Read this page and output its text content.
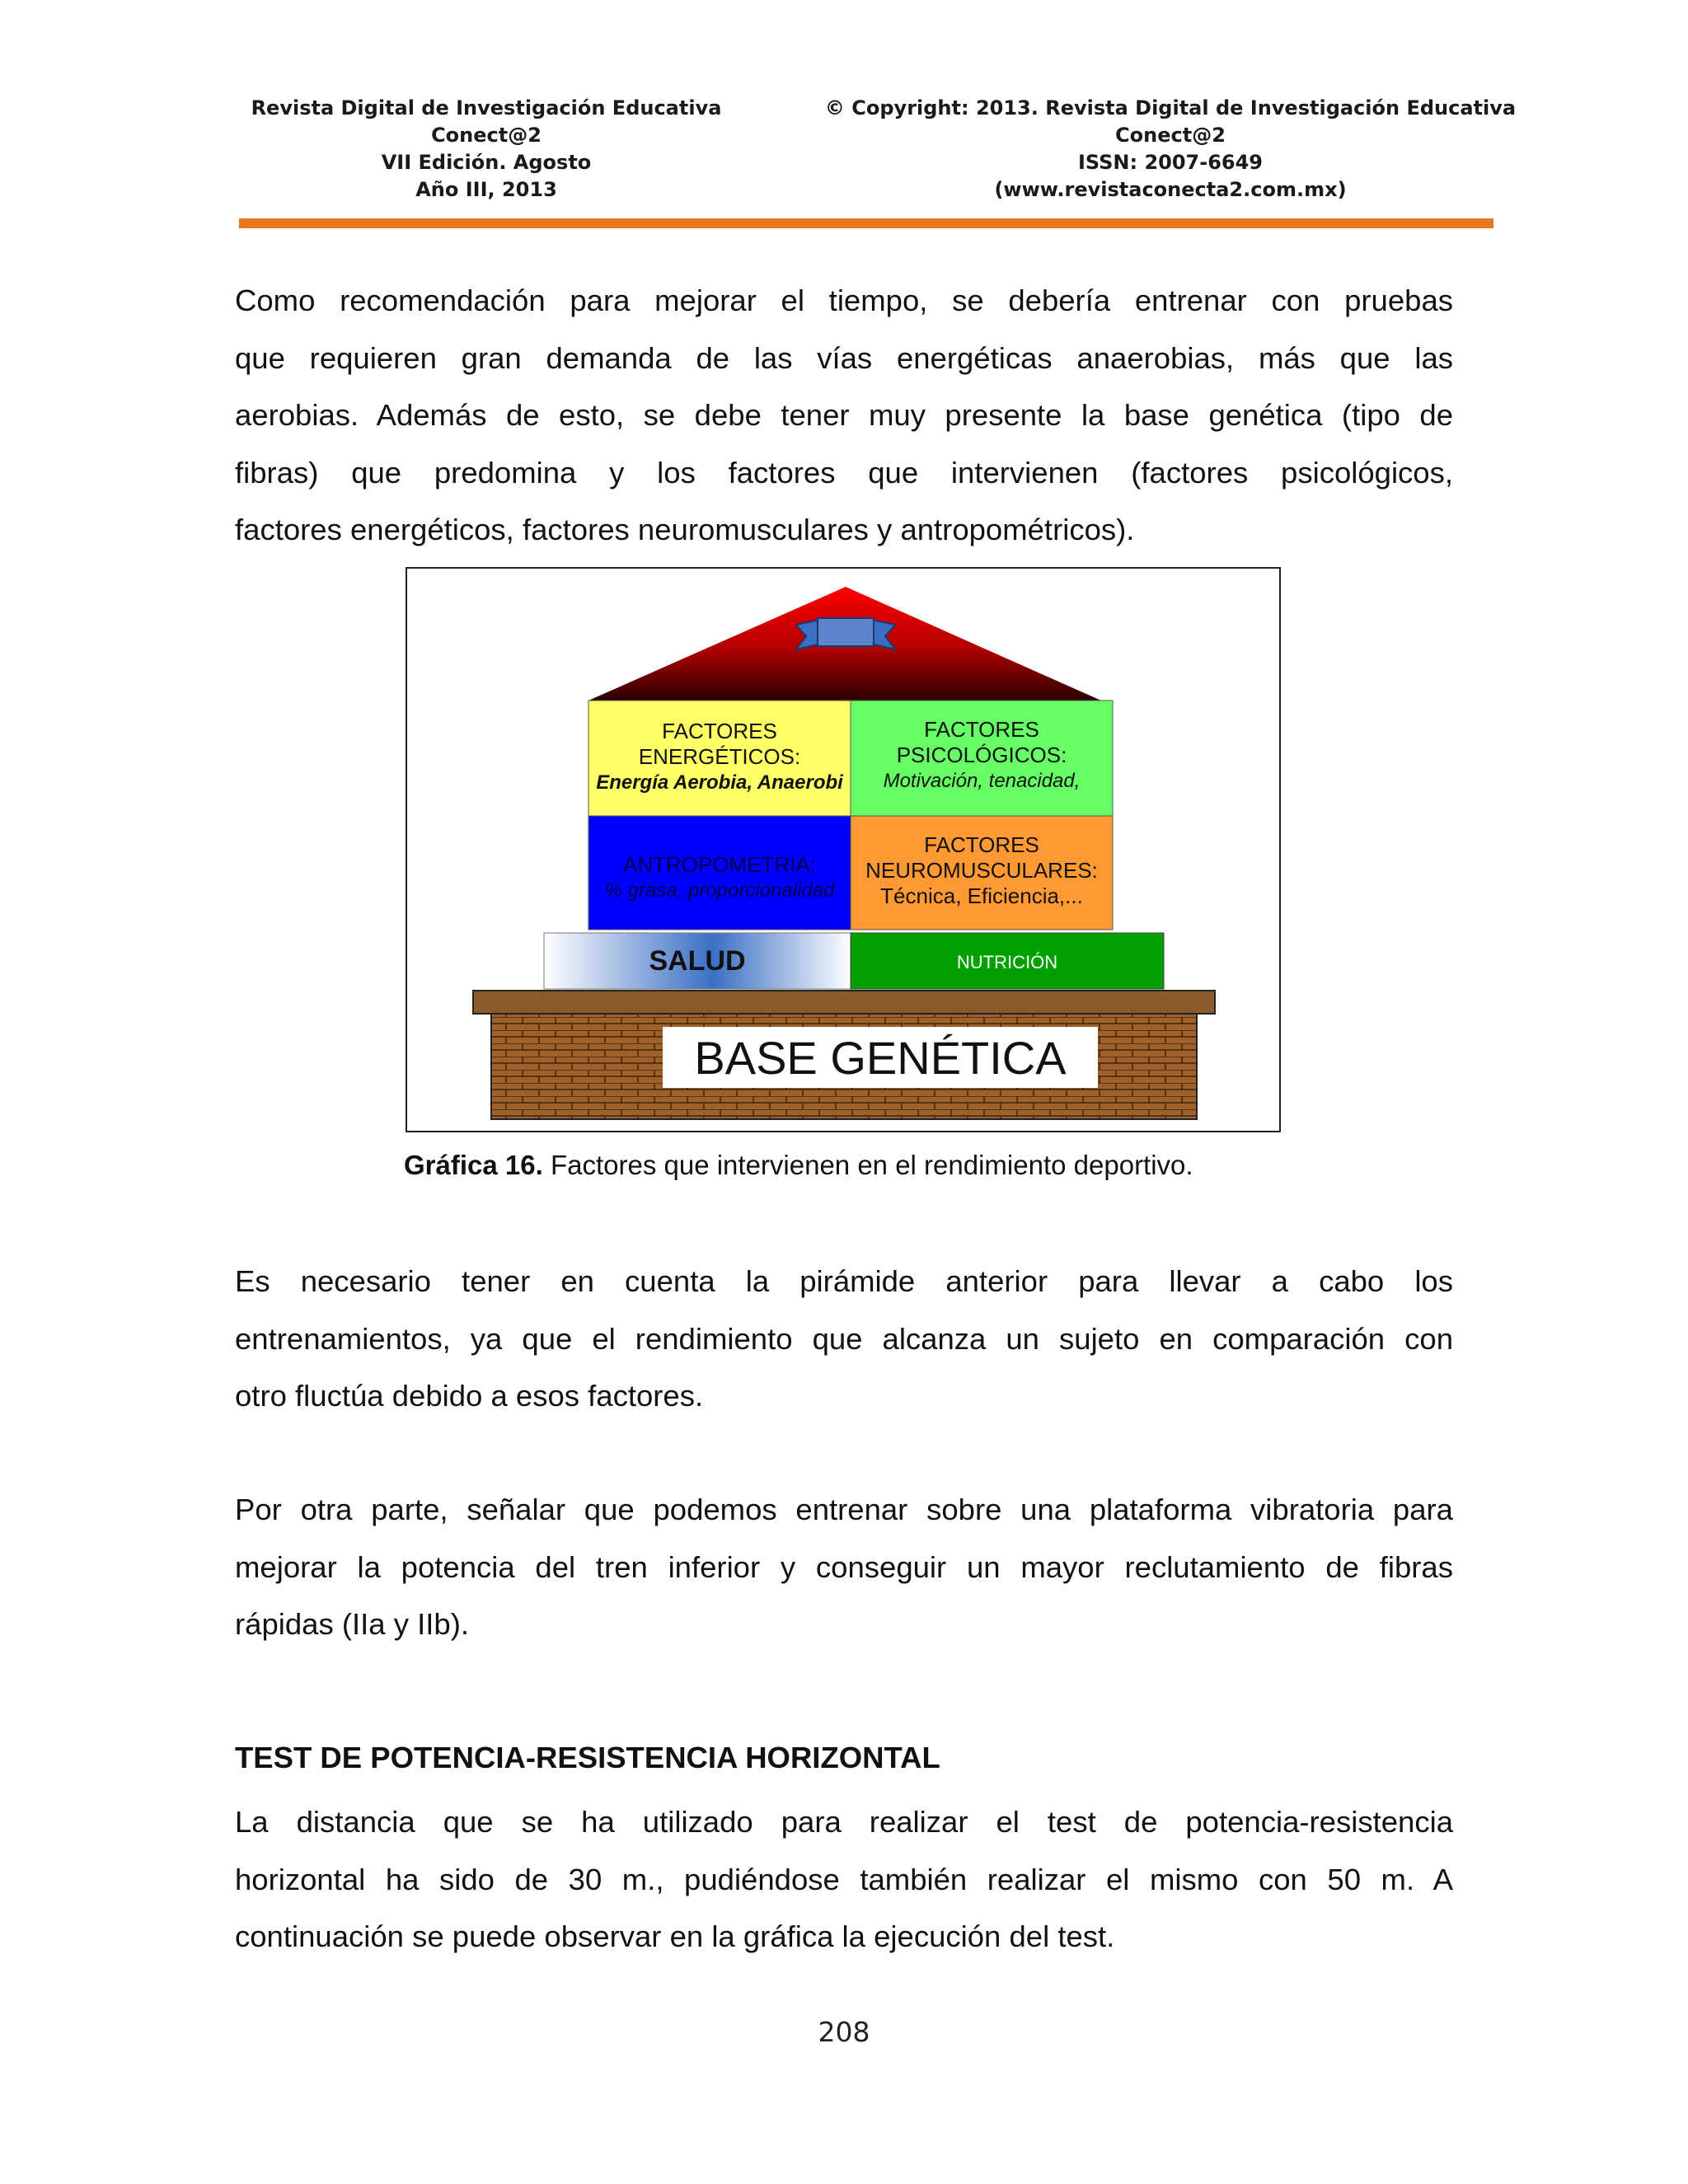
Revista Digital de Investigación Educativa
Conect@2
VII Edición. Agosto
Año III, 2013
© Copyright: 2013. Revista Digital de Investigación Educativa
Conect@2
ISSN: 2007-6649
(www.revistaconecta2.com.mx)
Como recomendación para mejorar el tiempo, se debería entrenar con pruebas
que requieren gran demanda de las vías energéticas anaerobias, más que las
aerobias. Además de esto, se debe tener muy presente la base genética (tipo de
fibras) que predomina y los factores que intervienen (factores psicológicos,
factores energéticos, factores neuromusculares y antropométricos).
FACTORES
ENERGÉTICOS:
Energía Aerobia, Anaerobi
FACTORES
PSICOLÓGICOS:
Motivación, tenacidad,
ANTROPOMETRIA:
% grasa, proporcionalidad
FACTORES
NEUROMUSCULARES:
Técnica, Eficiencia,...
SALUD	NUTRICIÓN
BASE GENÉTICA
Gráfica 16. Factores que intervienen en el rendimiento deportivo.
Es necesario tener en cuenta la pirámide anterior para llevar a cabo los
entrenamientos, ya que el rendimiento que alcanza un sujeto en comparación con
otro fluctúa debido a esos factores.
Por otra parte, señalar que podemos entrenar sobre una plataforma vibratoria para
mejorar la potencia del tren inferior y conseguir un mayor reclutamiento de fibras
rápidas (IIa y IIb).
TEST DE POTENCIA-RESISTENCIA HORIZONTAL
La distancia que se ha utilizado para realizar el test de potencia-resistencia
horizontal ha sido de 30 m., pudiéndose también realizar el mismo con 50 m. A
continuación se puede observar en la gráfica la ejecución del test.
208
